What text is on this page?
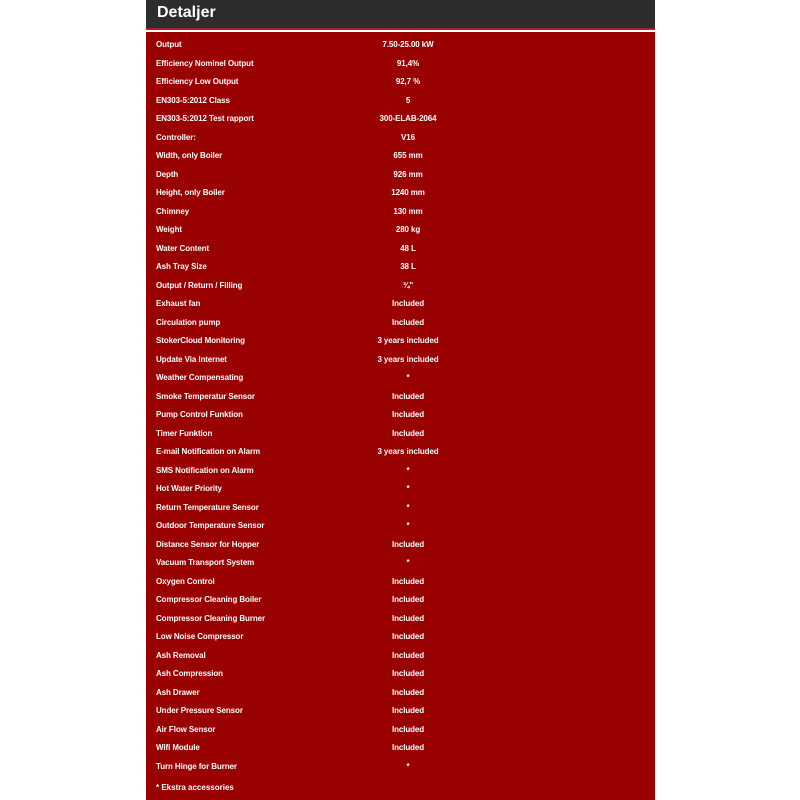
Detaljer
Output	7.50-25.00 kW
Efficiency Nominel Output	91,4%
Efficiency Low Output	92,7 %
EN303-5:2012 Class	5
EN303-5:2012 Test rapport	300-ELAB-2064
Controller:	V16
Width, only Boiler	655 mm
Depth	926 mm
Height, only Boiler	1240 mm
Chimney	130 mm
Weight	280 kg
Water Content	48 L
Ash Tray Size	38 L
Output / Return / Filling	¾"
Exhaust fan	Included
Circulation pump	Included
StokerCloud Monitoring	3 years included
Update Via Internet	3 years included
Weather Compensating	*
Smoke Temperatur Sensor	Included
Pump Control Funktion	Included
Timer Funktion	Included
E-mail Notification on Alarm	3 years included
SMS Notification on Alarm	*
Hot Water Priority	*
Return Temperature Sensor	*
Outdoor Temperature Sensor	*
Distance Sensor for Hopper	Included
Vacuum Transport System	*
Oxygen Control	Included
Compressor Cleaning Boiler	Included
Compressor Cleaning Burner	Included
Low Noise Compressor	Included
Ash Removal	Included
Ash Compression	Included
Ash Drawer	Included
Under Pressure Sensor	Included
Air Flow Sensor	Included
Wifi Module	Included
Turn Hinge for Burner	*
* Ekstra accessories
